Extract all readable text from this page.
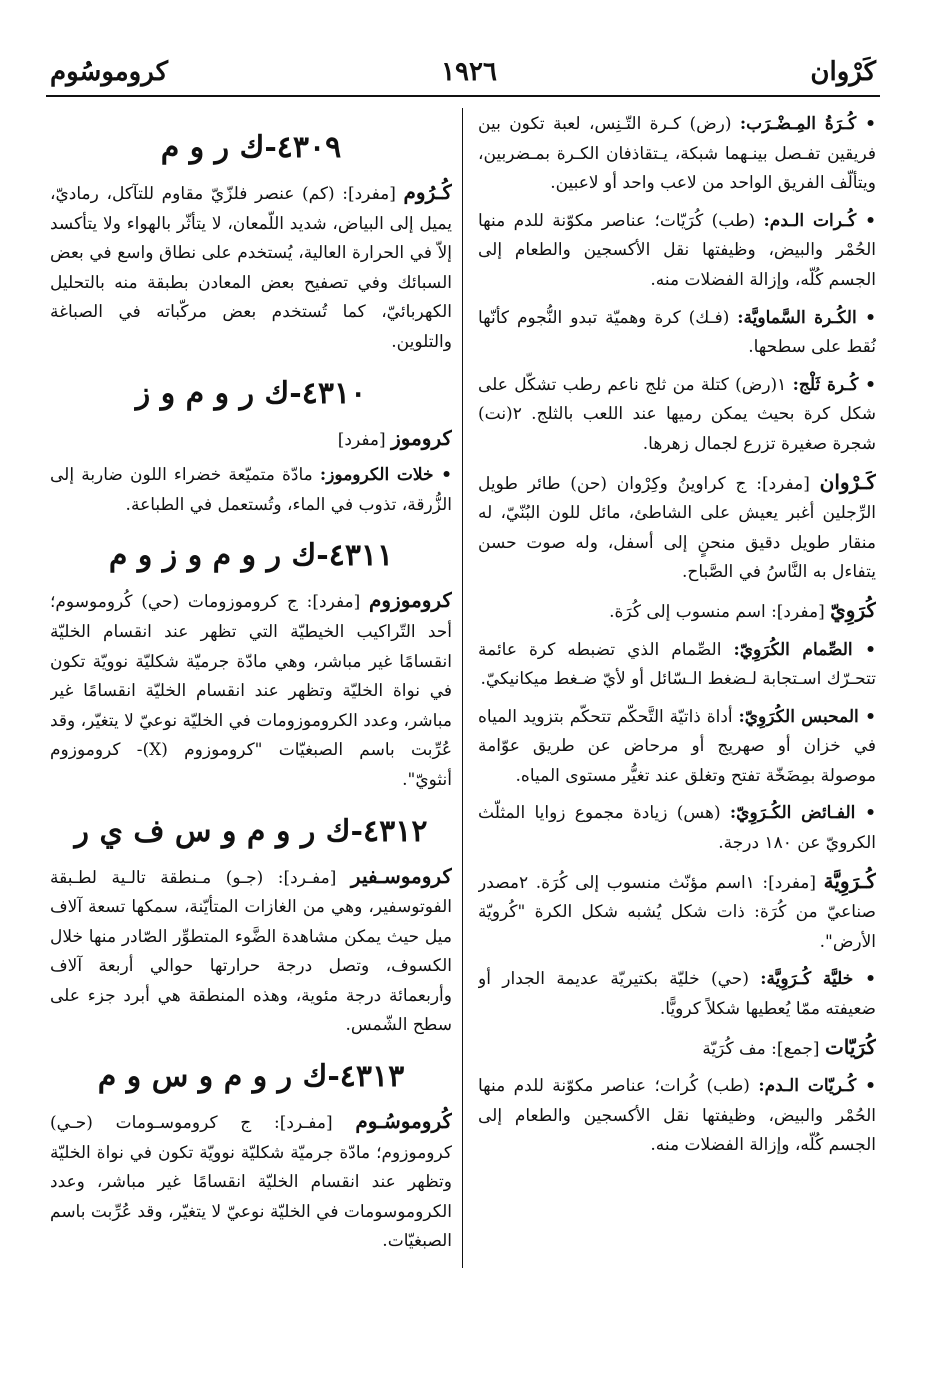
كَرْوان
١٩٢٦
كروموسُوم

• كُـرَةُ المِـضْـرَب: (رض) كـرة التّـنِس، لعبة تكون بين فريقين تفـصل بينـهما شبكة، يـتقاذفان الكـرة بمـضربين، ويتألّف الفريق الواحد من لاعب واحد أو لاعبين.

• كُـرات الـدم: (طب) كُرَيّات؛ عناصر مكوّنة للدم منها الحُمْر والبيض، وظيفتها نقل الأكسجين والطعام إلى الجسم كُلّه، وإزالة الفضلات منه.

• الكُـرة السَّماويَّة: (فـك) كرة وهميّة تبدو النُّجوم كأنّها نُقط على سطحها.

• كُـرة ثَلْج: ١(رض) كتلة من ثلج ناعم رطب تشكّل على شكل كرة بحيث يمكن رميها عند اللعب بالثلج. ٢(نت) شجرة صغيرة تزرع لجمال زهرها.

كَـرْوان [مفرد]: ج كراوينُ وكِرْوان (حن) طائر طويل الرِّجلين أغبر يعيش على الشاطئ، مائل للون البُنّيّ، له منقار طويل دقيق منحنٍ إلى أسفل، وله صوت حسن يتفاءل به النَّاسُ في الصَّباح.

كُرَوِيّ [مفرد]: اسم منسوب إلى كُرَة.

• الصِّمام الكُرَوِيّ: الصِّمام الذي تضبطه كرة عائمة تتحـرّك اسـتجابة لـضغط الـسّائل أو لأيّ ضـغط ميكانيكيّ.

• المحبس الكُرَوِيّ: أداة ذاتيّة التَّحكّم تتحكّم بتزويد المياه في خزان أو صهريج أو مرحاض عن طريق عوّامة موصولة بمِضَخّة تفتح وتغلق عند تغيُّر مستوى المياه.

• الفـائض الكُـرَوِيّ: (هس) زيادة مجموع زوايا المثلّث الكرويّ عن ١٨٠ درجة.

كُـرَوِيَّة [مفرد]: ١اسم مؤنّث منسوب إلى كُرَة. ٢مصدر صناعيّ من كُرَة: ذات شكل يُشبه شكل الكرة "كُرويّة الأرض".

• خليَّة كُـرَوِيَّة: (حي) خليّة بكتيريّة عديمة الجدار أو ضعيفته ممّا يُعطيها شكلاً كرويًّا.

كُرَيّات [جمع]: مف كُرَيّة

• كُـريّات الـدم: (طب) كُرات؛ عناصر مكوّنة للدم منها الحُمْر والبيض، وظيفتها نقل الأكسجين والطعام إلى الجسم كُلّه، وإزالة الفضلات منه.

٤٣٠٩-ك ر و م

كُـرُوم [مفرد]: (كم) عنصر فلزّيّ مقاوم للتآكل، رماديّ، يميل إلى البياض، شديد اللّمعان، لا يتأثّر بالهواء ولا يتأكسد إلاّ في الحرارة العالية، يُستخدم على نطاق واسع في بعض السبائك وفي تصفيح بعض المعادن بطبقة منه بالتحليل الكهربائيّ، كما تُستخدم بعض مركّباته في الصباغة والتلوين.

٤٣١٠-ك ر و م و ز

كروموز [مفرد]

• خلات الكروموز: مادّة متميّعة خضراء اللون ضاربة إلى الزُّرقة، تذوب في الماء، وتُستعمل في الطباعة.

٤٣١١-ك ر و م و ز و م

كروموزوم [مفرد]: ج كروموزومات (حي) كُروموسوم؛ أحد التّراكيب الخيطيّة التي تظهر عند انقسام الخليّة انقسامًا غير مباشر، وهي مادّة جرميّة شكليّة نوويّة تكون في نواة الخليّة وتظهر عند انقسام الخليّة انقسامًا غير مباشر، وعدد الكروموزومات في الخليّة نوعيّ لا يتغيّر، وقد عُرِّبت باسم الصبغيّات "كروموزوم (X)- كروموزوم أنثويّ".

٤٣١٢-ك ر و م و س ف ي ر

كروموسـفير [مفـرد]: (جـو) مـنطقة تالـية لطـبقة الفوتوسفير، وهي من الغازات المتأيّنة، سمكها تسعة آلاف ميل حيث يمكن مشاهدة الضَّوء المتطوِّر الصّادر منها خلال الكسوف، وتصل درجة حرارتها حوالي أربعة آلاف وأربعمائة درجة مئوية، وهذه المنطقة هي أبرد جزء على سطح الشّمس.

٤٣١٣-ك ر و م و س و م

كُروموسُـوم [مفـرد]: ج كروموسـومات (حـي) كروموزوم؛ مادّة جرميّة شكليّة نوويّة تكون في نواة الخليّة وتظهر عند انقسام الخليّة انقسامًا غير مباشر، وعدد الكروموسومات في الخليّة نوعيّ لا يتغيّر، وقد عُرِّبت باسم الصبغيّات.
